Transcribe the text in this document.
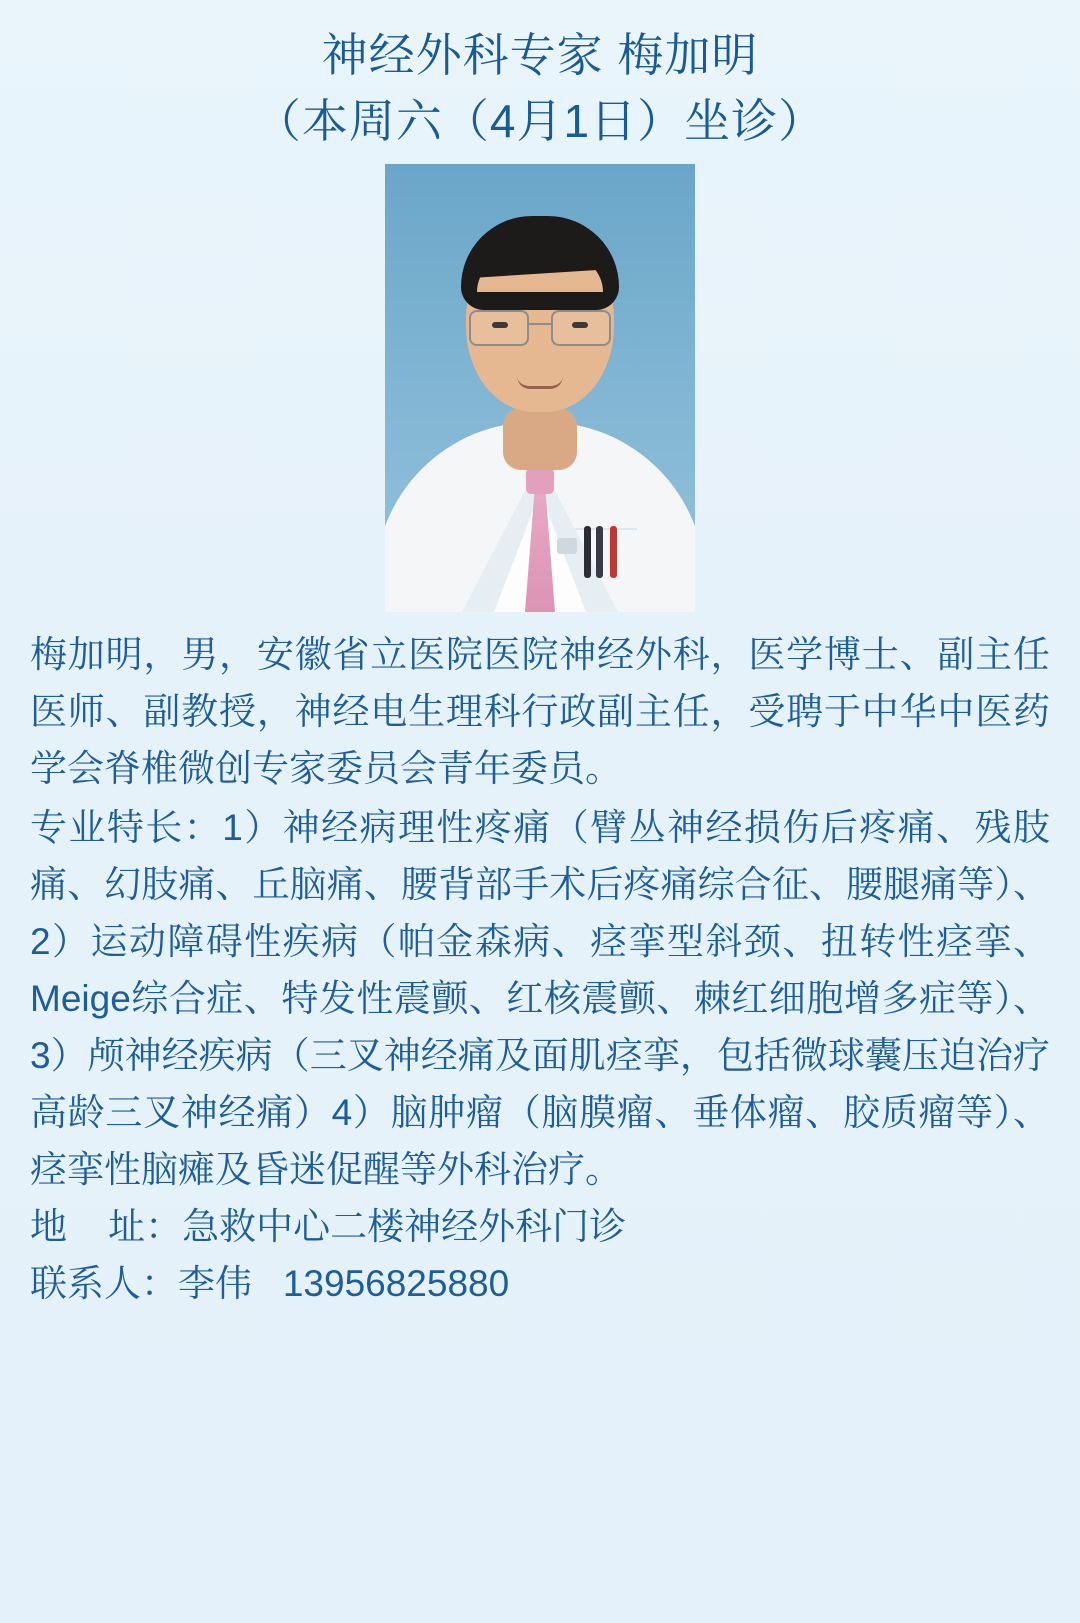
神经外科专家 梅加明
（本周六（4月1日）坐诊）

梅加明，男，安徽省立医院医院神经外科，医学博士、副主任医师、副教授，神经电生理科行政副主任，受聘于中华中医药学会脊椎微创专家委员会青年委员。

专业特长：1）神经病理性疼痛（臂丛神经损伤后疼痛、残肢痛、幻肢痛、丘脑痛、腰背部手术后疼痛综合征、腰腿痛等）、2）运动障碍性疾病（帕金森病、痉挛型斜颈、扭转性痉挛、Meige综合症、特发性震颤、红核震颤、棘红细胞增多症等）、3）颅神经疾病（三叉神经痛及面肌痉挛，包括微球囊压迫治疗高龄三叉神经痛）4）脑肿瘤（脑膜瘤、垂体瘤、胶质瘤等）、痉挛性脑瘫及昏迷促醒等外科治疗。

地    址：急救中心二楼神经外科门诊

联系人：李伟   13956825880
